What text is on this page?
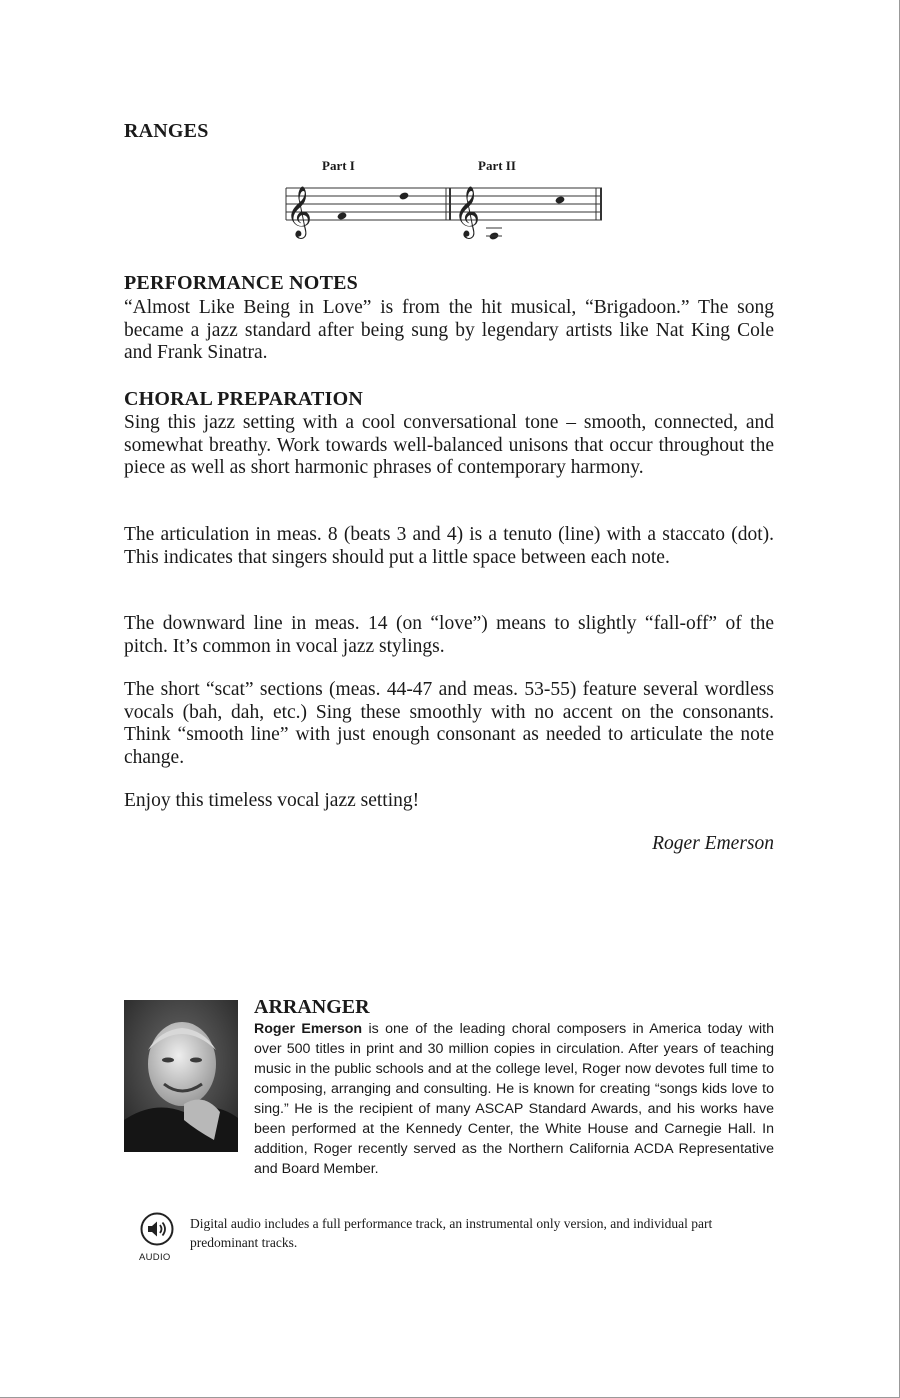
RANGES
Part I	Part II
𝄞	𝄞
PERFORMANCE NOTES

“Almost Like Being in Love” is from the hit musical, “Brigadoon.” The song became a jazz standard after being sung by legendary artists like Nat King Cole and Frank Sinatra.

CHORAL PREPARATION

Sing this jazz setting with a cool conversational tone – smooth, connected, and somewhat breathy. Work towards well-balanced unisons that occur throughout the piece as well as short harmonic phrases of contemporary harmony.

The articulation in meas. 8 (beats 3 and 4) is a tenuto (line) with a staccato (dot). This indicates that singers should put a little space between each note.

The downward line in meas. 14 (on “love”) means to slightly “fall-off” of the pitch. It’s common in vocal jazz stylings.

The short “scat” sections (meas. 44-47 and meas. 53-55) feature several wordless vocals (bah, dah, etc.) Sing these smoothly with no accent on the consonants. Think “smooth line” with just enough consonant as needed to articulate the note change.

Enjoy this timeless vocal jazz setting!

Roger Emerson
ARRANGER

Roger Emerson is one of the leading choral composers in America today with over 500 titles in print and 30 million copies in circulation. After years of teaching music in the public schools and at the college level, Roger now devotes full time to composing, arranging and consulting. He is known for creating “songs kids love to sing.” He is the recipient of many ASCAP Standard Awards, and his works have been performed at the Kennedy Center, the White House and Carnegie Hall. In addition, Roger recently served as the Northern California ACDA Representative and Board Member.

AUDIO

Digital audio includes a full performance track, an instrumental only version, and individual part predominant tracks.
